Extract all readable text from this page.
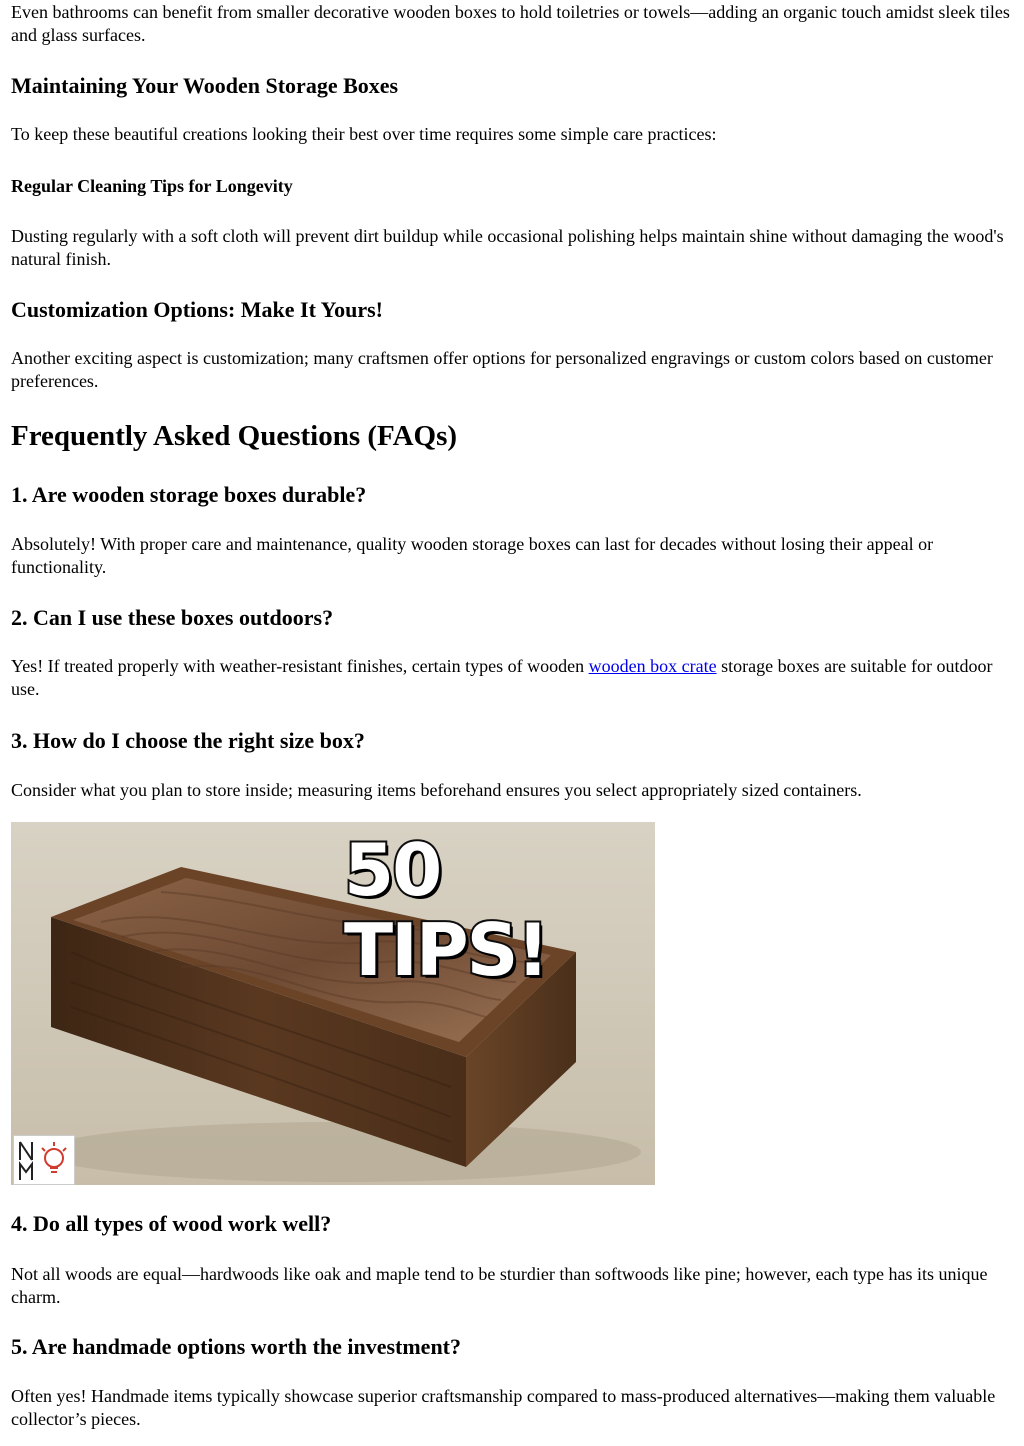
Even bathrooms can benefit from smaller decorative wooden boxes to hold toiletries or towels—adding an organic touch amidst sleek tiles and glass surfaces.

Maintaining Your Wooden Storage Boxes

To keep these beautiful creations looking their best over time requires some simple care practices:

Regular Cleaning Tips for Longevity

Dusting regularly with a soft cloth will prevent dirt buildup while occasional polishing helps maintain shine without damaging the wood's natural finish.

Customization Options: Make It Yours!

Another exciting aspect is customization; many craftsmen offer options for personalized engravings or custom colors based on customer preferences.

Frequently Asked Questions (FAQs)
1. Are wooden storage boxes durable?

Absolutely! With proper care and maintenance, quality wooden storage boxes can last for decades without losing their appeal or functionality.

2. Can I use these boxes outdoors?

Yes! If treated properly with weather-resistant finishes, certain types of wooden wooden box crate storage boxes are suitable for outdoor use.

3. How do I choose the right size box?

Consider what you plan to store inside; measuring items beforehand ensures you select appropriately sized containers.

50 TIPS!
4. Do all types of wood work well?

Not all woods are equal—hardwoods like oak and maple tend to be sturdier than softwoods like pine; however, each type has its unique charm.

5. Are handmade options worth the investment?

Often yes! Handmade items typically showcase superior craftsmanship compared to mass-produced alternatives—making them valuable collector’s pieces.
